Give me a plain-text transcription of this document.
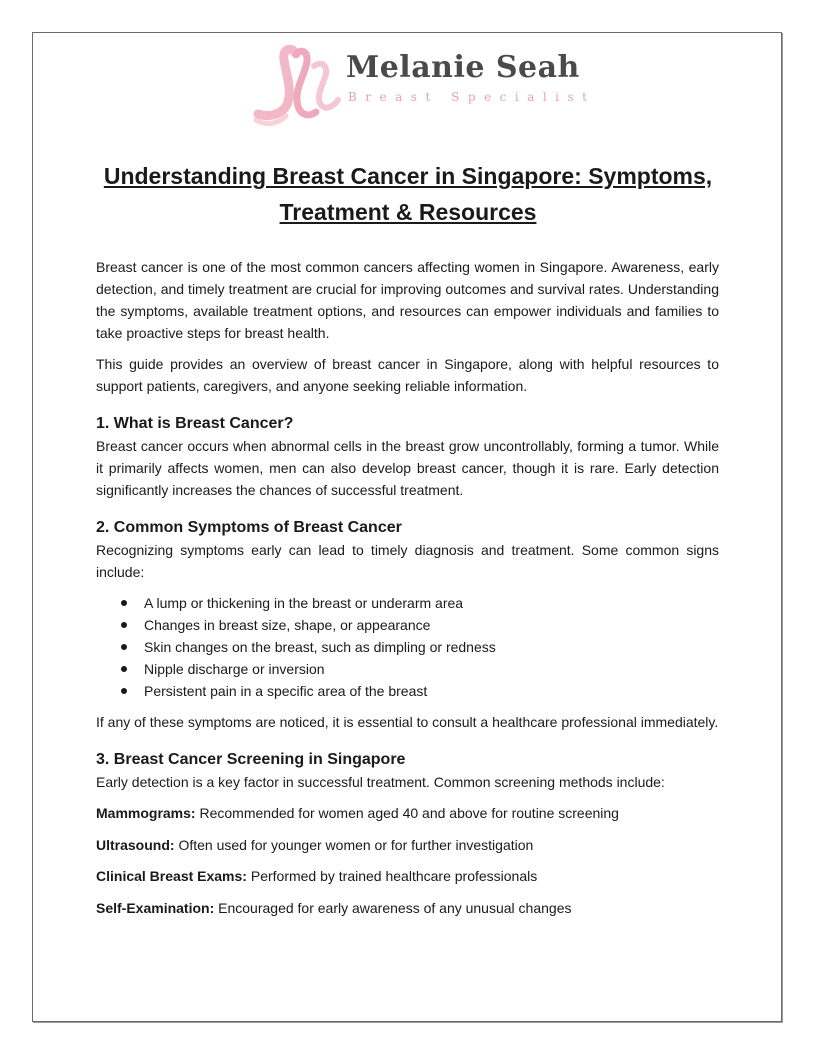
Melanie Seah
Breast Specialist
Understanding Breast Cancer in Singapore: Symptoms, Treatment & Resources

Breast cancer is one of the most common cancers affecting women in Singapore. Awareness, early detection, and timely treatment are crucial for improving outcomes and survival rates. Understanding the symptoms, available treatment options, and resources can empower individuals and families to take proactive steps for breast health.

This guide provides an overview of breast cancer in Singapore, along with helpful resources to support patients, caregivers, and anyone seeking reliable information.

1. What is Breast Cancer?

Breast cancer occurs when abnormal cells in the breast grow uncontrollably, forming a tumor. While it primarily affects women, men can also develop breast cancer, though it is rare. Early detection significantly increases the chances of successful treatment.

2. Common Symptoms of Breast Cancer

Recognizing symptoms early can lead to timely diagnosis and treatment. Some common signs include:

A lump or thickening in the breast or underarm area
Changes in breast size, shape, or appearance
Skin changes on the breast, such as dimpling or redness
Nipple discharge or inversion
Persistent pain in a specific area of the breast

If any of these symptoms are noticed, it is essential to consult a healthcare professional immediately.

3. Breast Cancer Screening in Singapore

Early detection is a key factor in successful treatment. Common screening methods include:

Mammograms: Recommended for women aged 40 and above for routine screening
Ultrasound: Often used for younger women or for further investigation
Clinical Breast Exams: Performed by trained healthcare professionals
Self-Examination: Encouraged for early awareness of any unusual changes
